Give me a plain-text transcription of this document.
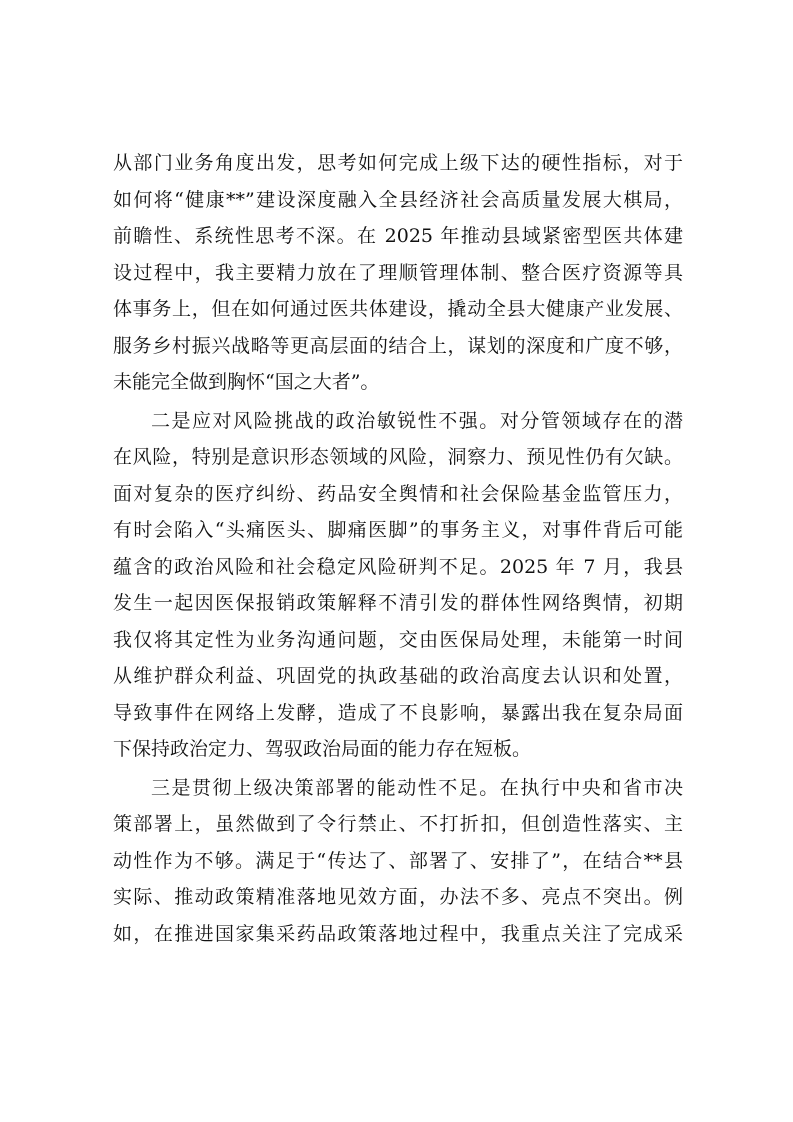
从部门业务角度出发，思考如何完成上级下达的硬性指标，对于
如何将“健康**”建设深度融入全县经济社会高质量发展大棋局，
前瞻性、系统性思考不深。在 2025 年推动县域紧密型医共体建
设过程中，我主要精力放在了理顺管理体制、整合医疗资源等具
体事务上，但在如何通过医共体建设，撬动全县大健康产业发展、
服务乡村振兴战略等更高层面的结合上，谋划的深度和广度不够，
未能完全做到胸怀“国之大者”。
二是应对风险挑战的政治敏锐性不强。对分管领域存在的潜
在风险，特别是意识形态领域的风险，洞察力、预见性仍有欠缺。
面对复杂的医疗纠纷、药品安全舆情和社会保险基金监管压力，
有时会陷入“头痛医头、脚痛医脚”的事务主义，对事件背后可能
蕴含的政治风险和社会稳定风险研判不足。2025 年 7 月，我县
发生一起因医保报销政策解释不清引发的群体性网络舆情，初期
我仅将其定性为业务沟通问题，交由医保局处理，未能第一时间
从维护群众利益、巩固党的执政基础的政治高度去认识和处置，
导致事件在网络上发酵，造成了不良影响，暴露出我在复杂局面
下保持政治定力、驾驭政治局面的能力存在短板。
三是贯彻上级决策部署的能动性不足。在执行中央和省市决
策部署上，虽然做到了令行禁止、不打折扣，但创造性落实、主
动性作为不够。满足于“传达了、部署了、安排了”，在结合**县
实际、推动政策精准落地见效方面，办法不多、亮点不突出。例
如，在推进国家集采药品政策落地过程中，我重点关注了完成采
